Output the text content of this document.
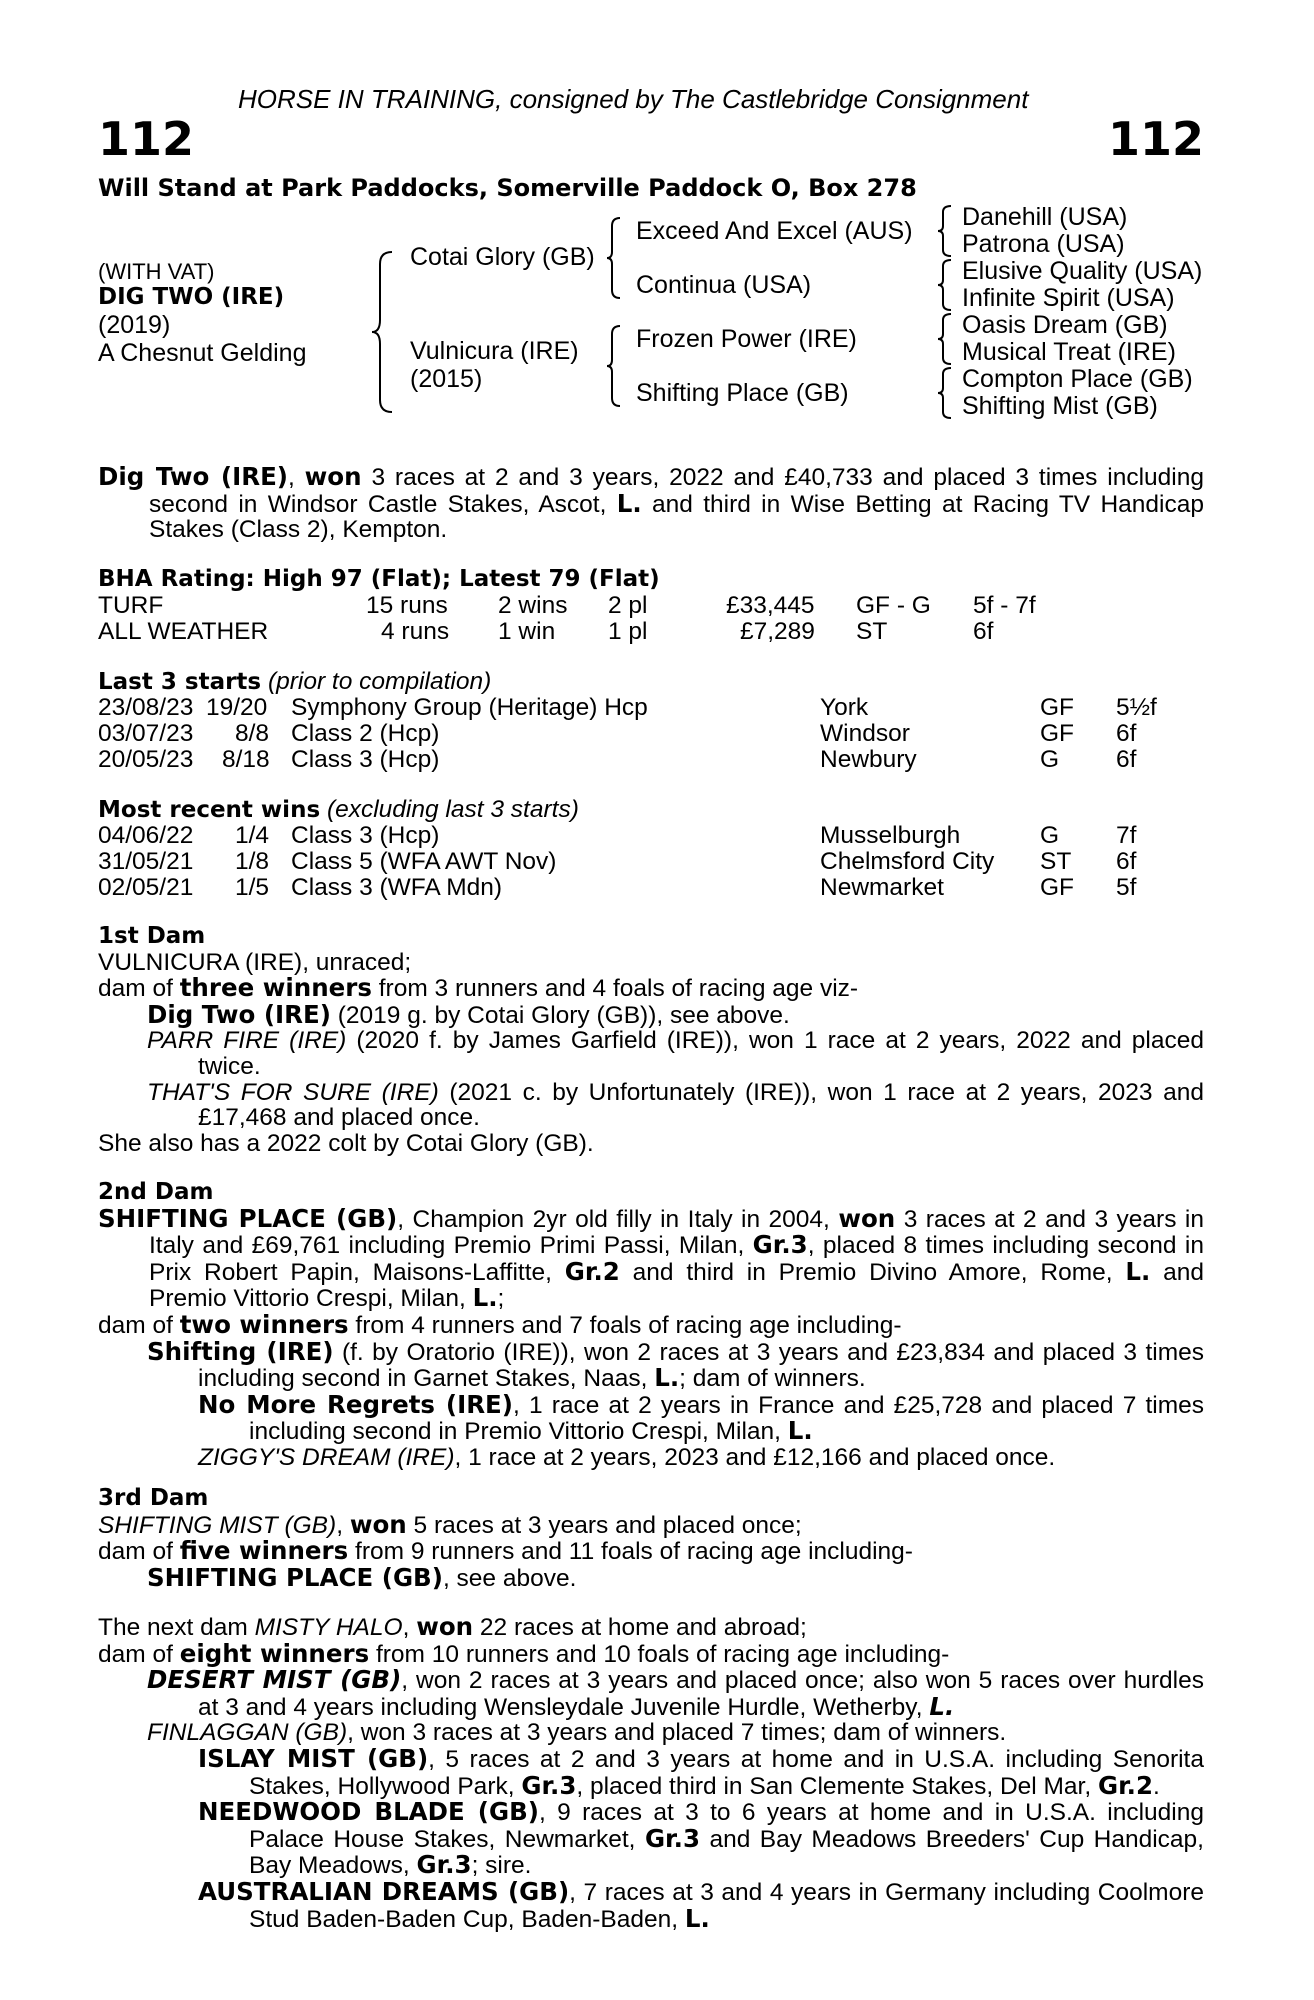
HORSE IN TRAINING, consigned by The Castlebridge Consignment
112	112
Will Stand at Park Paddocks, Somerville Paddock O, Box 278
(WITH VAT)
DIG TWO (IRE)
(2019)
A Chesnut Gelding
Cotai Glory (GB)
Vulnicura (IRE)
(2015)
Exceed And Excel (AUS)
Continua (USA)
Frozen Power (IRE)
Shifting Place (GB)
Danehill (USA)
Patrona (USA)
Elusive Quality (USA)
Infinite Spirit (USA)
Oasis Dream (GB)
Musical Treat (IRE)
Compton Place (GB)
Shifting Mist (GB)

Dig Two (IRE), won 3 races at 2 and 3 years, 2022 and £40,733 and placed 3 times including second in Windsor Castle Stakes, Ascot, L. and third in Wise Betting at Racing TV Handicap Stakes (Class 2), Kempton.

BHA Rating: High 97 (Flat); Latest 79 (Flat)
TURF	15 runs 2 wins 2 pl	£33,445 GF - G 5f - 7f
ALL WEATHER	4 runs 1 win 1 pl	£7,289 ST	6f
Last 3 starts (prior to compilation)
23/08/23 19/20 Symphony Group (Heritage) Hcp	York	GF 5½f
03/07/23 8/8 Class 2 (Hcp)	Windsor	GF 6f
20/05/23 8/18 Class 3 (Hcp)	Newbury	G 6f
Most recent wins (excluding last 3 starts)
04/06/22 1/4 Class 3 (Hcp)	Musselburgh	G 7f
31/05/21 1/8 Class 5 (WFA AWT Nov)	Chelmsford City ST 6f
02/05/21 1/5 Class 3 (WFA Mdn)	Newmarket	GF 5f

1st Dam

VULNICURA (IRE), unraced;

dam of three winners from 3 runners and 4 foals of racing age viz-

Dig Two (IRE) (2019 g. by Cotai Glory (GB)), see above.

PARR FIRE (IRE) (2020 f. by James Garfield (IRE)), won 1 race at 2 years, 2022 and placed twice.

THAT'S FOR SURE (IRE) (2021 c. by Unfortunately (IRE)), won 1 race at 2 years, 2023 and £17,468 and placed once.

She also has a 2022 colt by Cotai Glory (GB).

2nd Dam

SHIFTING PLACE (GB), Champion 2yr old filly in Italy in 2004, won 3 races at 2 and 3 years in Italy and £69,761 including Premio Primi Passi, Milan, Gr.3, placed 8 times including second in Prix Robert Papin, Maisons-Laffitte, Gr.2 and third in Premio Divino Amore, Rome, L. and Premio Vittorio Crespi, Milan, L.;

dam of two winners from 4 runners and 7 foals of racing age including-

Shifting (IRE) (f. by Oratorio (IRE)), won 2 races at 3 years and £23,834 and placed 3 times including second in Garnet Stakes, Naas, L.; dam of winners.

No More Regrets (IRE), 1 race at 2 years in France and £25,728 and placed 7 times including second in Premio Vittorio Crespi, Milan, L.

ZIGGY'S DREAM (IRE), 1 race at 2 years, 2023 and £12,166 and placed once.

3rd Dam

SHIFTING MIST (GB), won 5 races at 3 years and placed once;

dam of five winners from 9 runners and 11 foals of racing age including-

SHIFTING PLACE (GB), see above.

The next dam MISTY HALO, won 22 races at home and abroad;

dam of eight winners from 10 runners and 10 foals of racing age including-

DESERT MIST (GB), won 2 races at 3 years and placed once; also won 5 races over hurdles at 3 and 4 years including Wensleydale Juvenile Hurdle, Wetherby, L.

FINLAGGAN (GB), won 3 races at 3 years and placed 7 times; dam of winners.

ISLAY MIST (GB), 5 races at 2 and 3 years at home and in U.S.A. including Senorita Stakes, Hollywood Park, Gr.3, placed third in San Clemente Stakes, Del Mar, Gr.2.

NEEDWOOD BLADE (GB), 9 races at 3 to 6 years at home and in U.S.A. including Palace House Stakes, Newmarket, Gr.3 and Bay Meadows Breeders' Cup Handicap, Bay Meadows, Gr.3; sire.

AUSTRALIAN DREAMS (GB), 7 races at 3 and 4 years in Germany including Coolmore Stud Baden-Baden Cup, Baden-Baden, L.
